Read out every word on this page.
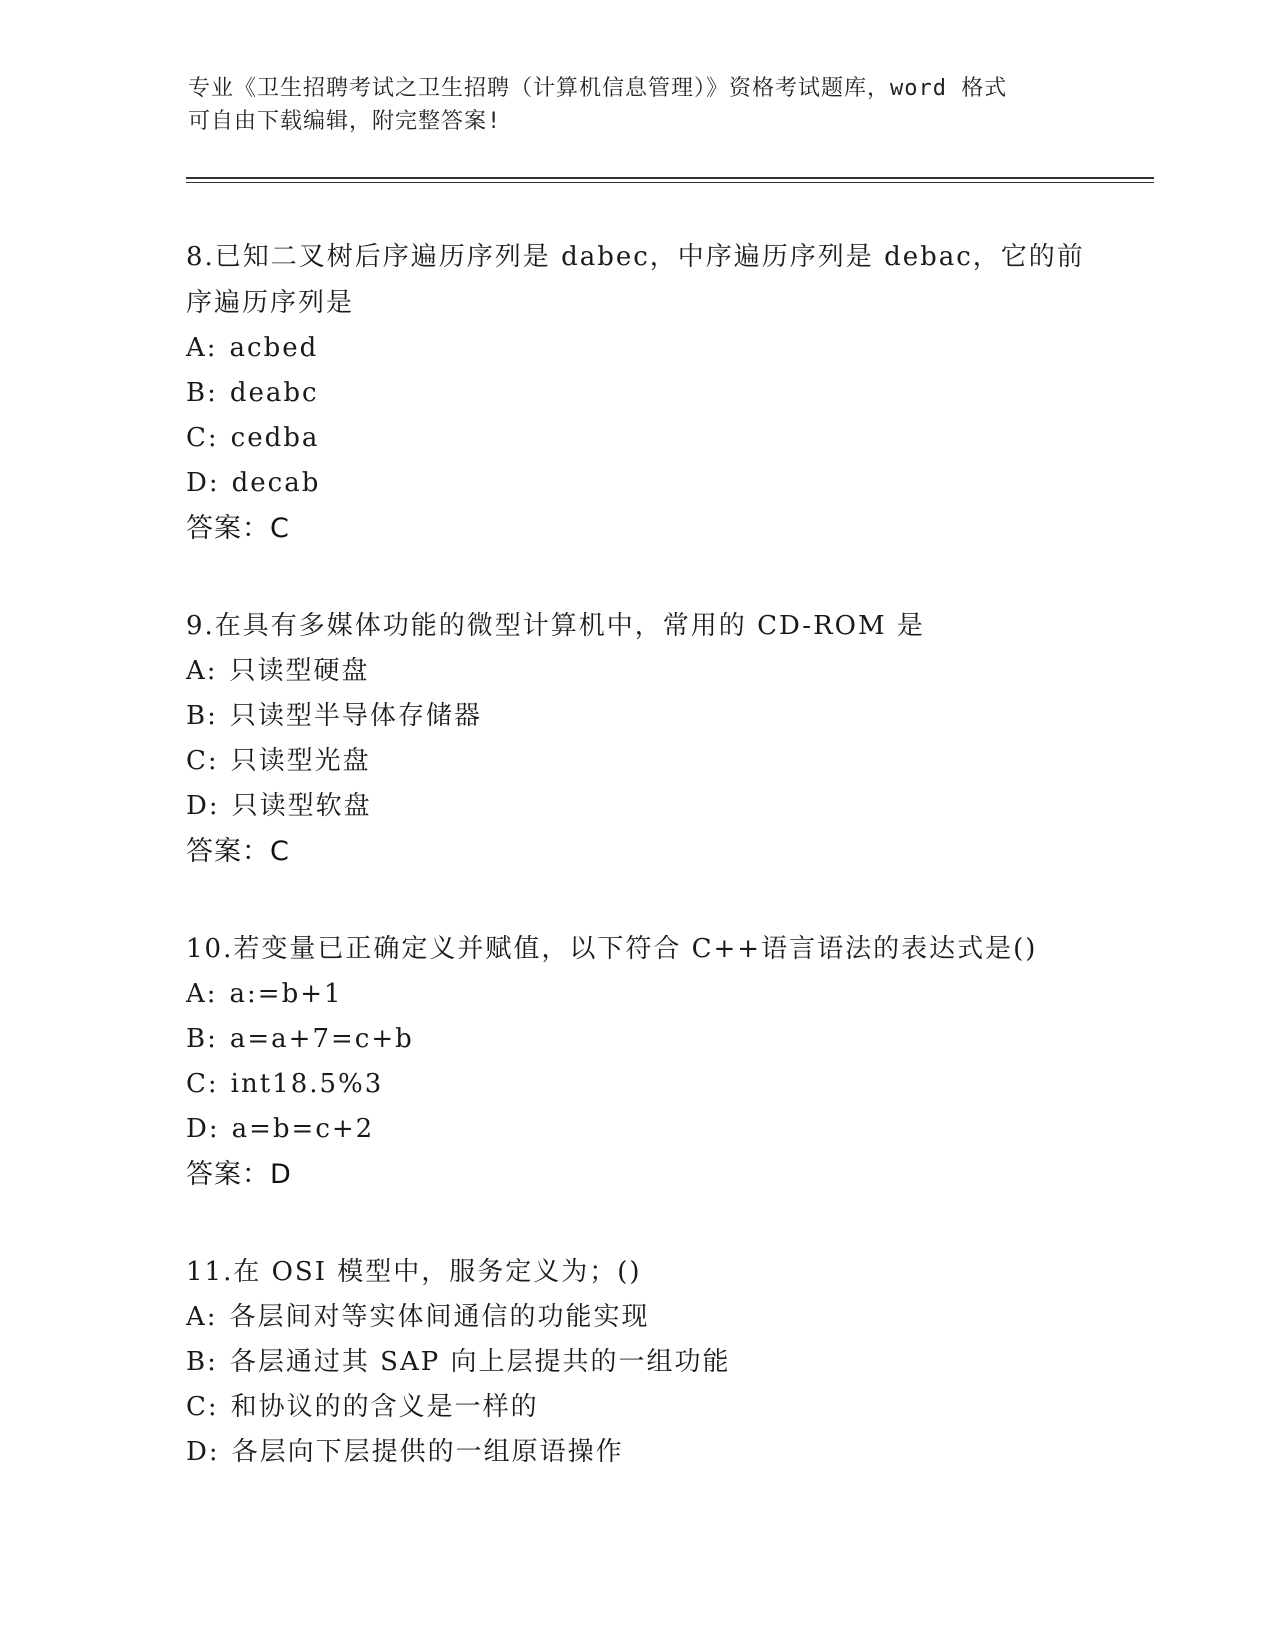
专业《卫生招聘考试之卫生招聘（计算机信息管理）》资格考试题库，word 格式
可自由下载编辑，附完整答案!
8.已知二叉树后序遍历序列是 dabec，中序遍历序列是 debac，它的前序遍历序列是
A: acbed
B: deabc
C: cedba
D: decab
答案：C
9.在具有多媒体功能的微型计算机中，常用的 CD-ROM 是
A: 只读型硬盘
B: 只读型半导体存储器
C: 只读型光盘
D: 只读型软盘
答案：C
10.若变量已正确定义并赋值，以下符合 C++语言语法的表达式是()
A: a:=b+1
B: a=a+7=c+b
C: int18.5%3
D: a=b=c+2
答案：D
11.在 OSI 模型中，服务定义为；()
A: 各层间对等实体间通信的功能实现
B: 各层通过其 SAP 向上层提共的一组功能
C: 和协议的的含义是一样的
D: 各层向下层提供的一组原语操作
